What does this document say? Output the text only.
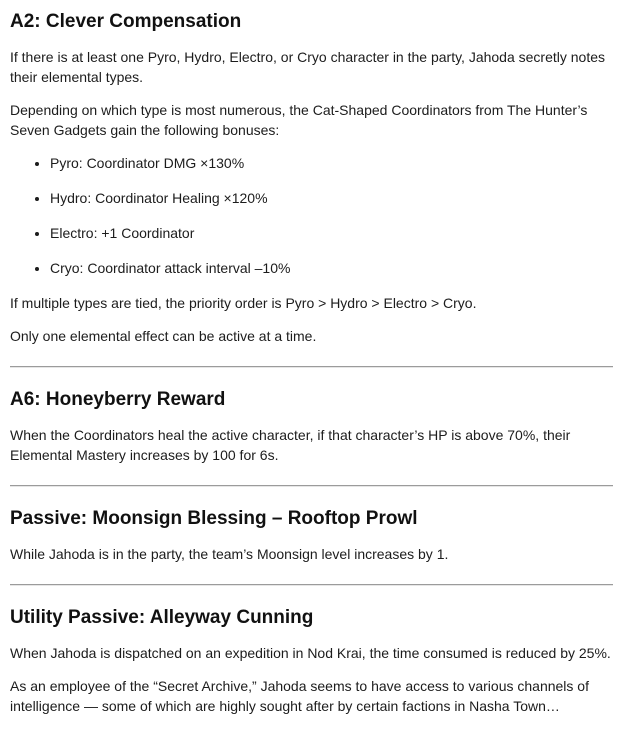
A2: Clever Compensation

If there is at least one Pyro, Hydro, Electro, or Cryo character in the party, Jahoda secretly notes their elemental types.

Depending on which type is most numerous, the Cat-Shaped Coordinators from The Hunter’s Seven Gadgets gain the following bonuses:

• Pyro: Coordinator DMG ×130%
• Hydro: Coordinator Healing ×120%
• Electro: +1 Coordinator
• Cryo: Coordinator attack interval –10%

If multiple types are tied, the priority order is Pyro > Hydro > Electro > Cryo.

Only one elemental effect can be active at a time.

A6: Honeyberry Reward

When the Coordinators heal the active character, if that character’s HP is above 70%, their Elemental Mastery increases by 100 for 6s.

Passive: Moonsign Blessing – Rooftop Prowl

While Jahoda is in the party, the team’s Moonsign level increases by 1.

Utility Passive: Alleyway Cunning

When Jahoda is dispatched on an expedition in Nod Krai, the time consumed is reduced by 25%.

As an employee of the “Secret Archive,” Jahoda seems to have access to various channels of intelligence — some of which are highly sought after by certain factions in Nasha Town…
